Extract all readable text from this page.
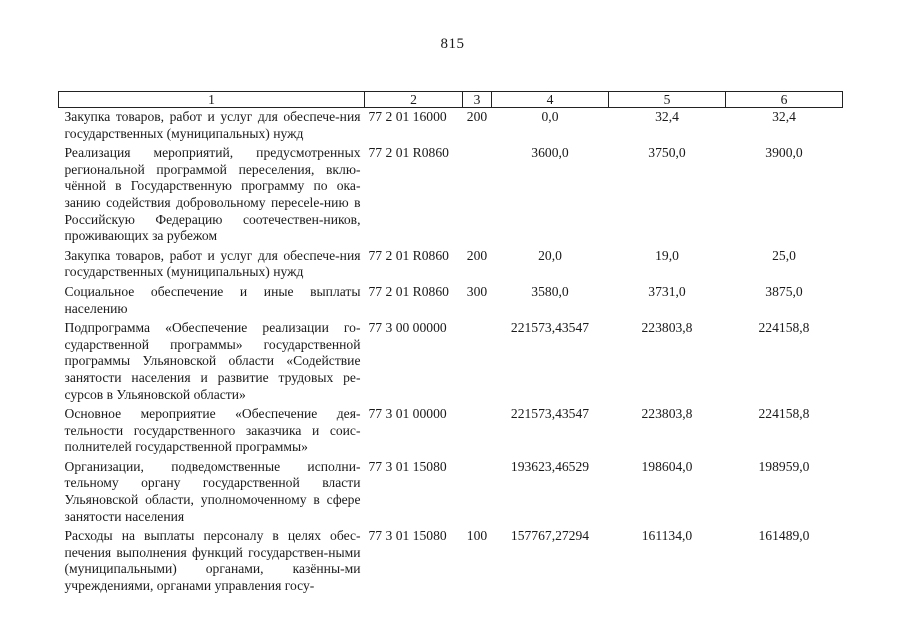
815
1	2	3	4	5	6
Закупка товаров, работ и услуг для обеспече-ния государственных (муниципальных) нужд	77 2 01 16000	200	0,0	32,4	32,4
Реализация мероприятий, предусмотренных региональной программой переселения, вклю-чённой в Государственную программу по ока-занию содействия добровольному пересele-нию в Российскую Федерацию соотечествен-ников, проживающих за рубежом	77 2 01 R0860		3600,0	3750,0	3900,0
Закупка товаров, работ и услуг для обеспече-ния государственных (муниципальных) нужд	77 2 01 R0860	200	20,0	19,0	25,0
Социальное обеспечение и иные выплаты населению	77 2 01 R0860	300	3580,0	3731,0	3875,0
Подпрограмма «Обеспечение реализации го-сударственной программы» государственной программы Ульяновской области «Содействие занятости населения и развитие трудовых ре-сурсов в Ульяновской области»	77 3 00 00000		221573,43547	223803,8	224158,8
Основное мероприятие «Обеспечение дея-тельности государственного заказчика и соис-полнителей государственной программы»	77 3 01 00000		221573,43547	223803,8	224158,8
Организации, подведомственные исполни-тельному органу государственной власти Ульяновской области, уполномоченному в сфере занятости населения	77 3 01 15080		193623,46529	198604,0	198959,0
Расходы на выплаты персоналу в целях обес-печения выполнения функций государствен-ными (муниципальными) органами, казённы-ми учреждениями, органами управления госу-	77 3 01 15080	100	157767,27294	161134,0	161489,0
